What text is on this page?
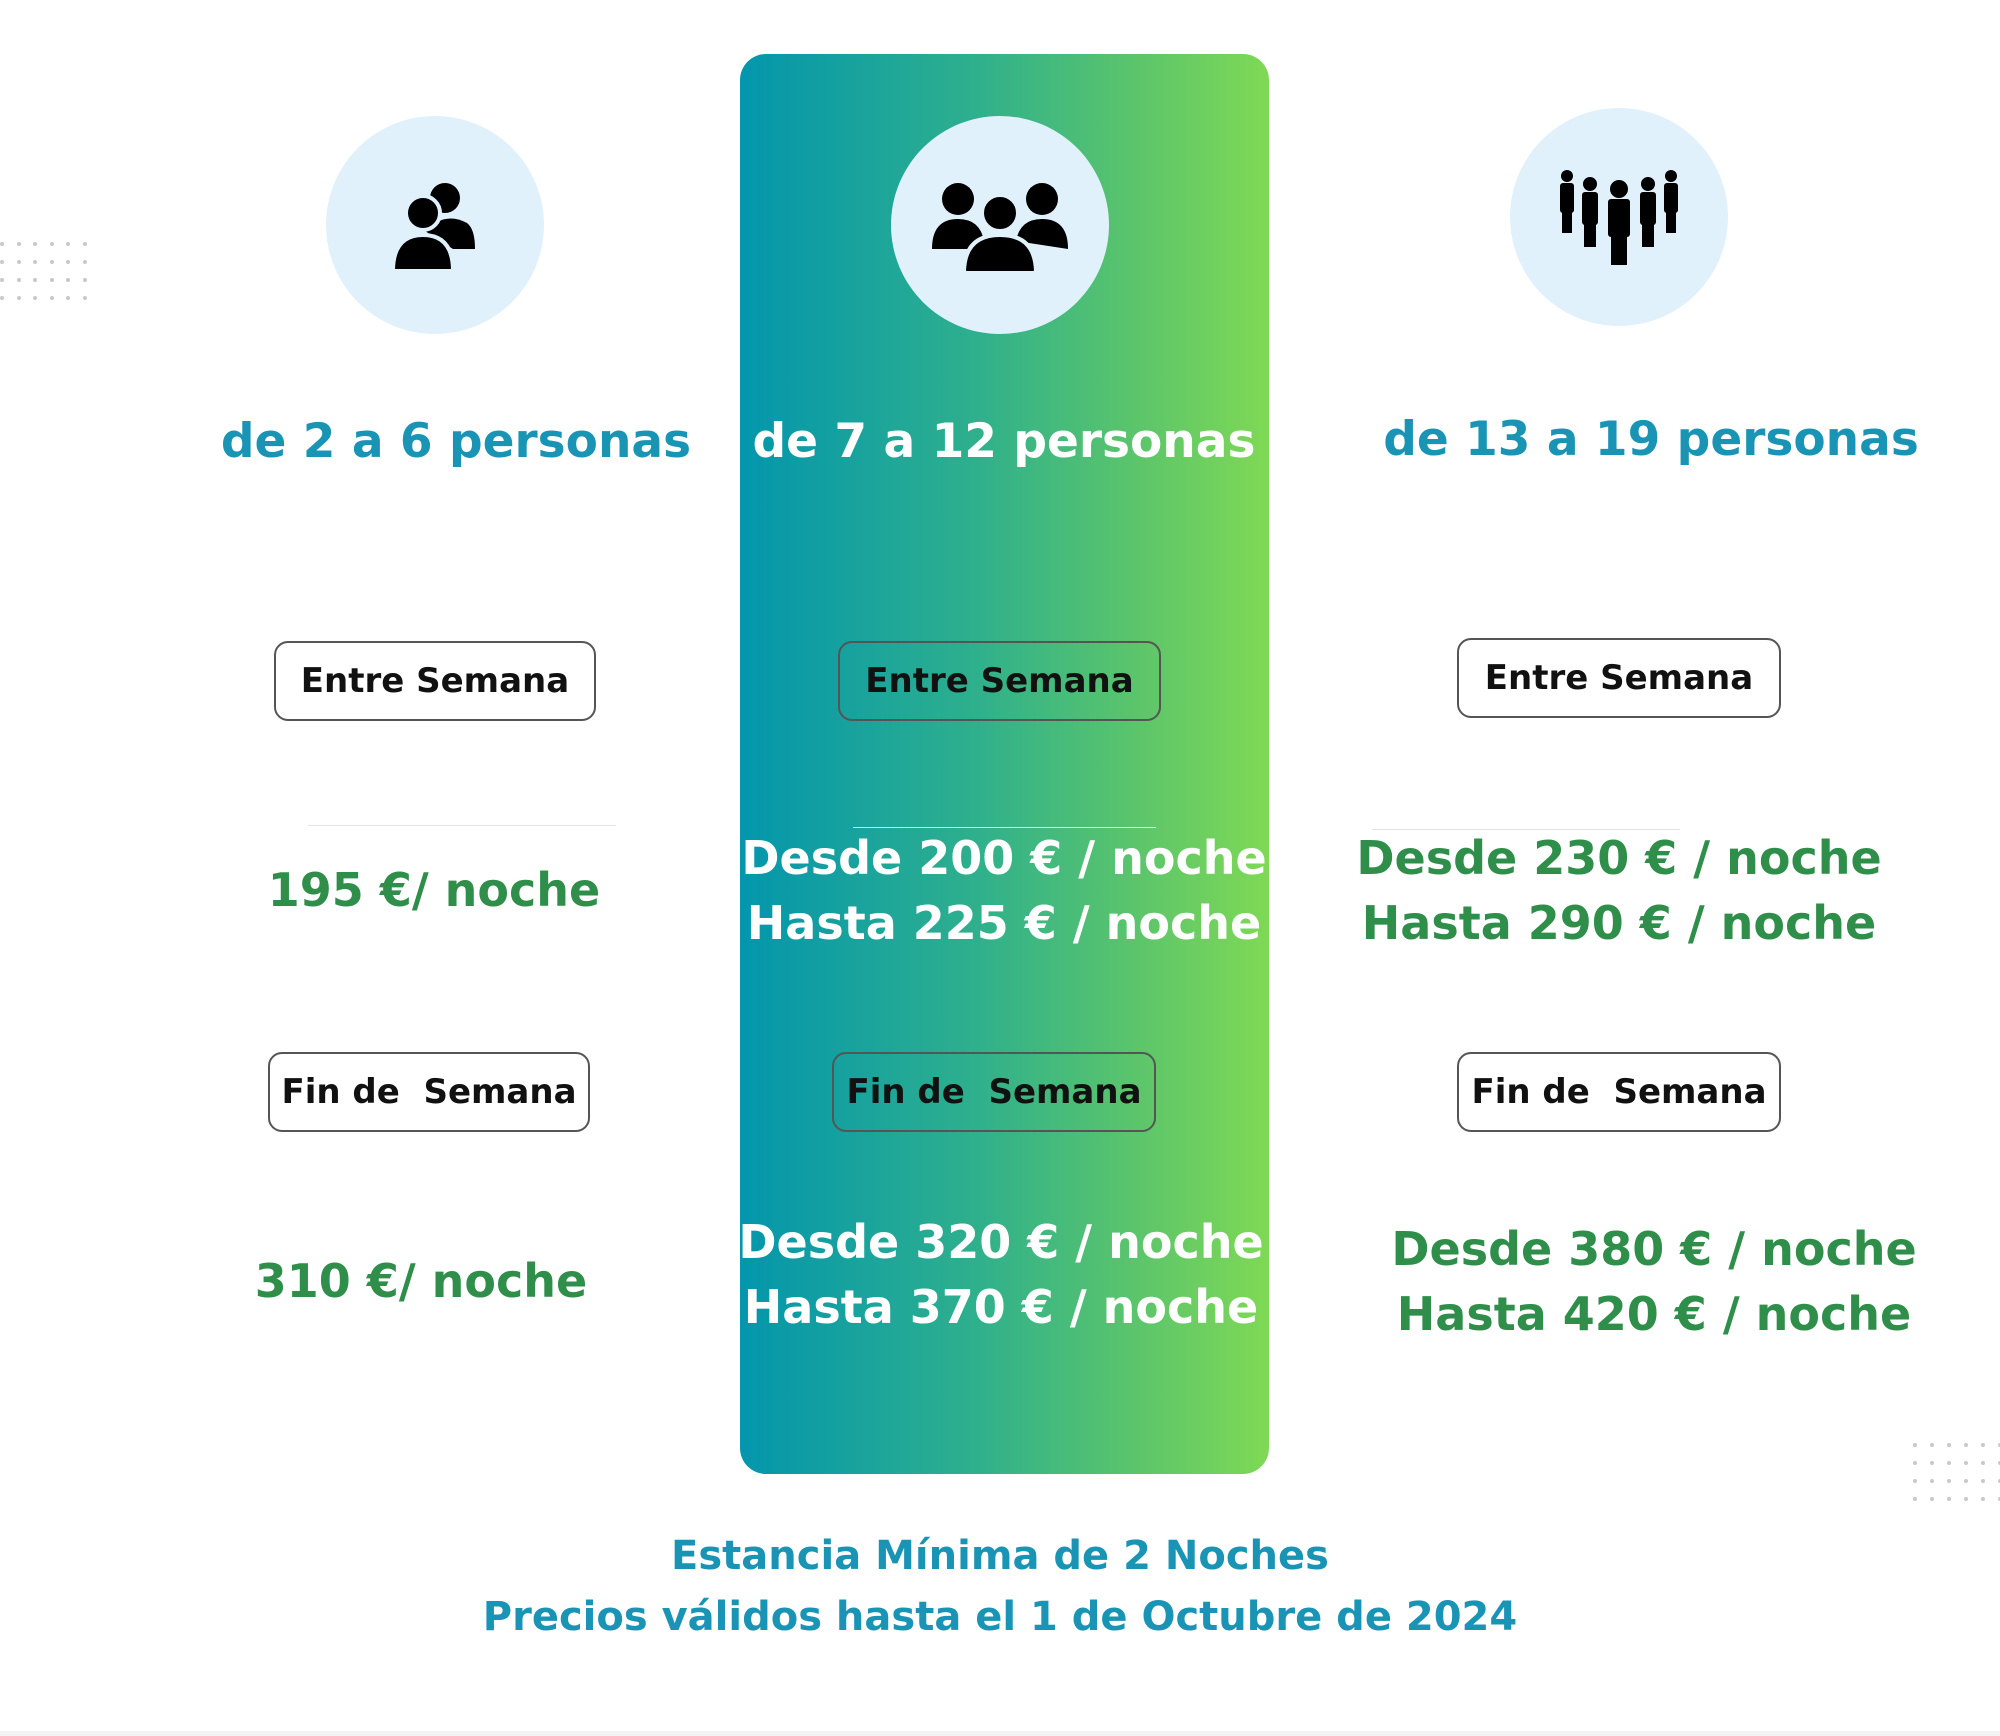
de 2 a 6 personas
Entre Semana
195 €/ noche
Fin de  Semana
310 €/ noche
de 7 a 12 personas
Entre Semana
Desde 200 € / noche
Hasta 225 € / noche
Fin de  Semana
Desde 320 € / noche
Hasta 370 € / noche
de 13 a 19 personas
Entre Semana
Desde 230 € / noche
Hasta 290 € / noche
Fin de  Semana
Desde 380 € / noche
Hasta 420 € / noche
Estancia Mínima de 2 Noches
Precios válidos hasta el 1 de Octubre de 2024
